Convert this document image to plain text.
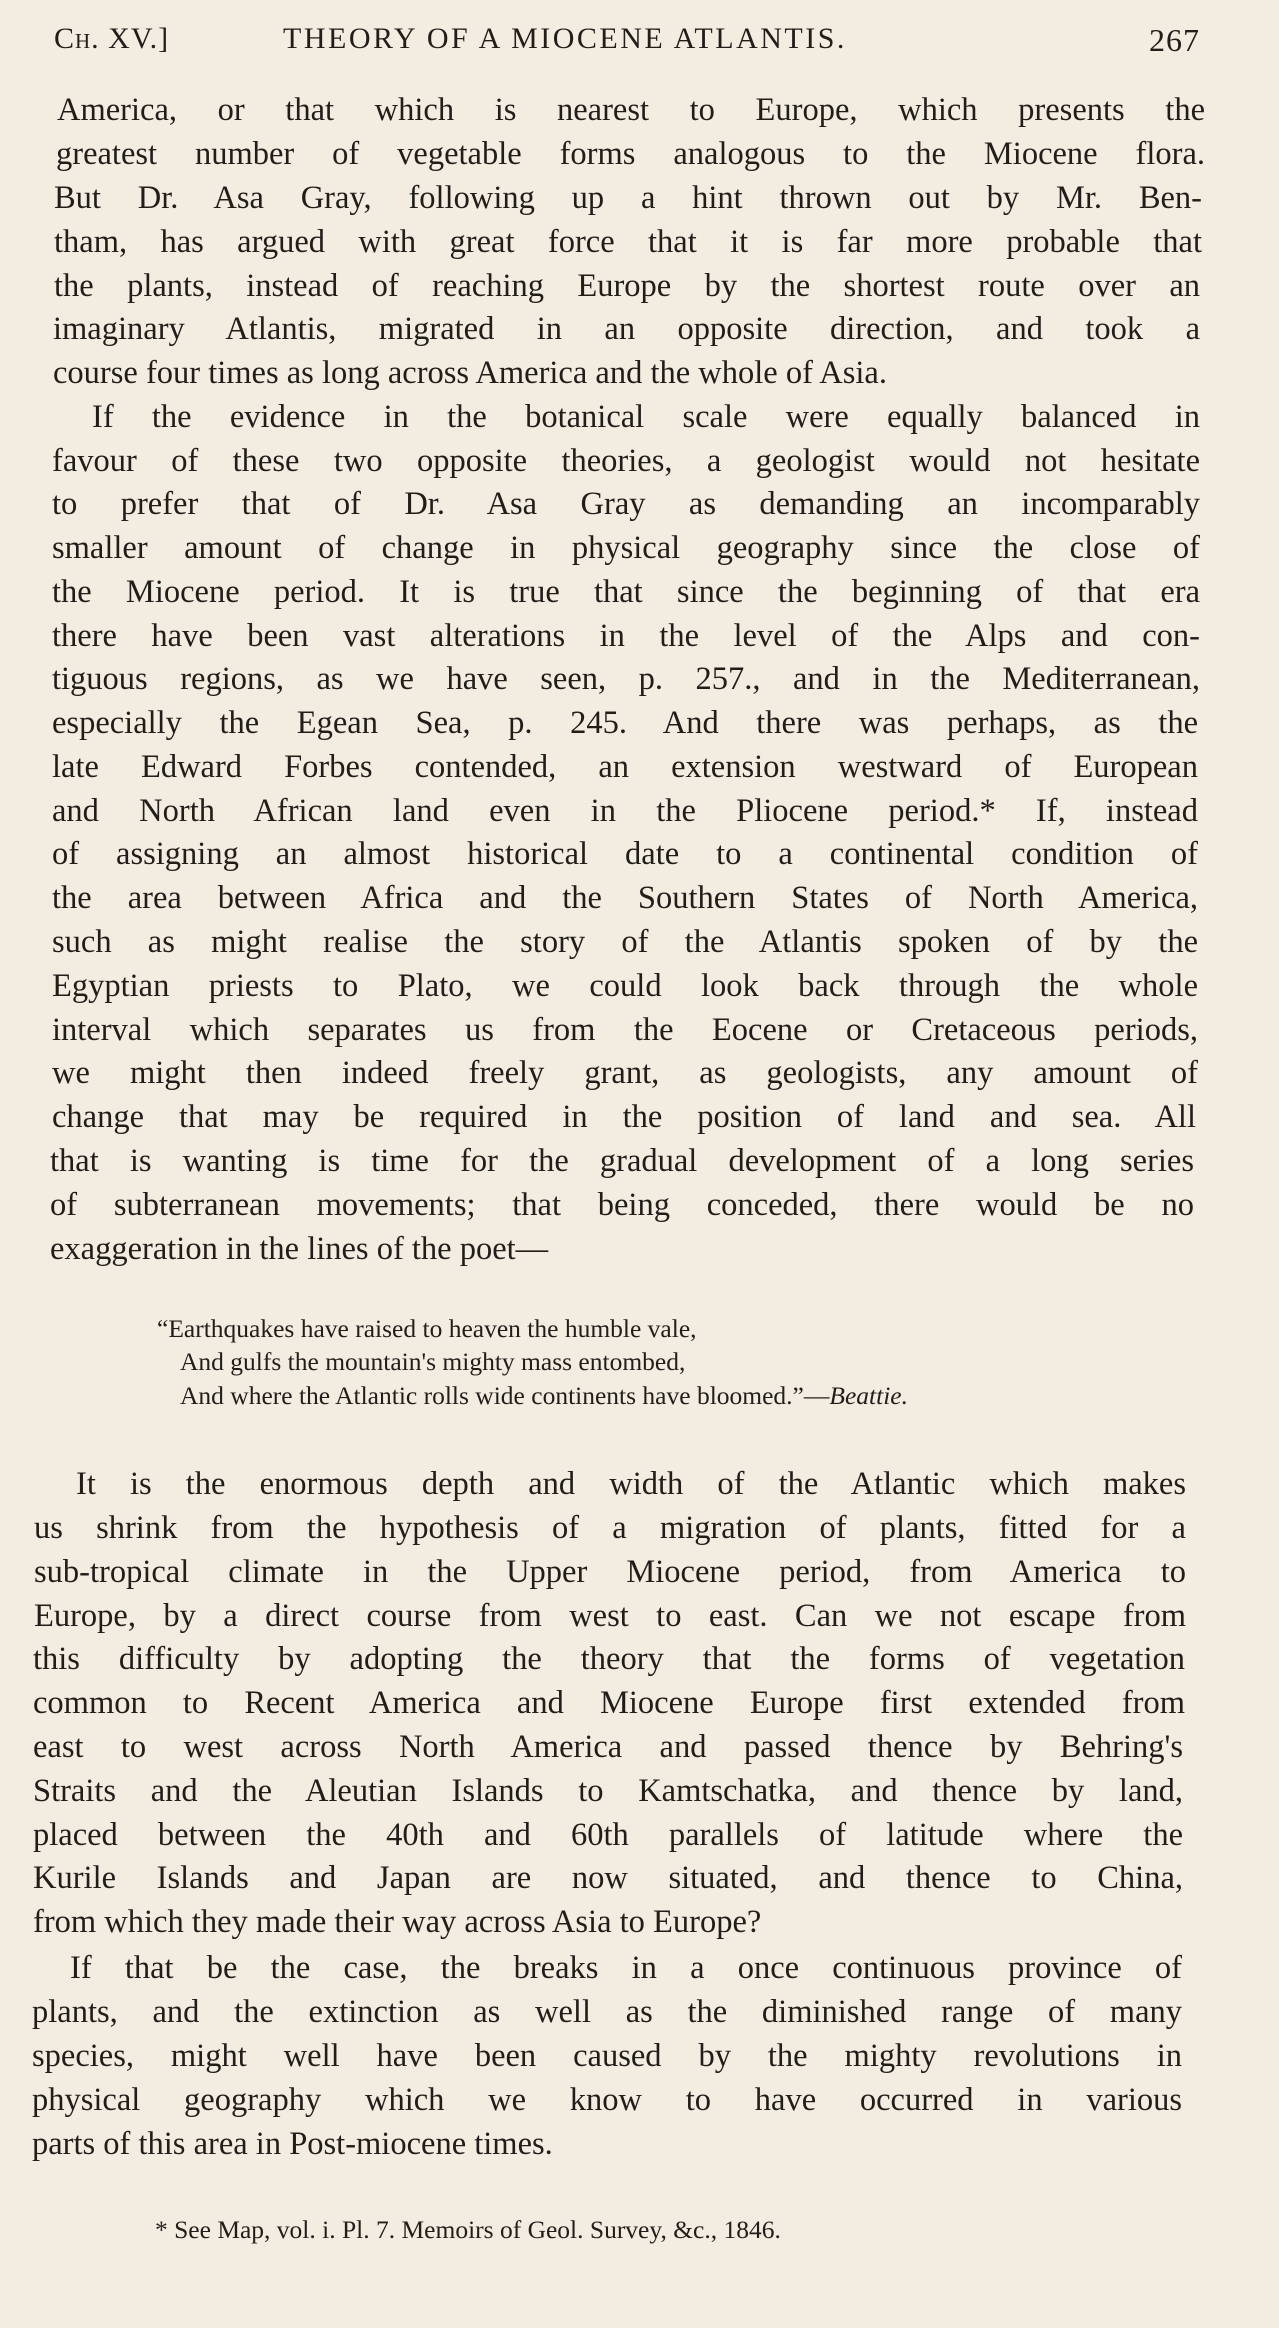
Ch. XV.]	THEORY OF A MIOCENE ATLANTIS.	267
America, or that which is nearest to Europe, which presents the
greatest number of vegetable forms analogous to the Miocene flora.
But Dr. Asa Gray, following up a hint thrown out by Mr. Ben-
tham, has argued with great force that it is far more probable that
the plants, instead of reaching Europe by the shortest route over an
imaginary Atlantis, migrated in an opposite direction, and took a
course four times as long across America and the whole of Asia.
If the evidence in the botanical scale were equally balanced in
favour of these two opposite theories, a geologist would not hesitate
to prefer that of Dr. Asa Gray as demanding an incomparably
smaller amount of change in physical geography since the close of
the Miocene period. It is true that since the beginning of that era
there have been vast alterations in the level of the Alps and con-
tiguous regions, as we have seen, p. 257., and in the Mediterranean,
especially the Egean Sea, p. 245. And there was perhaps, as the
late Edward Forbes contended, an extension westward of European
and North African land even in the Pliocene period.* If, instead
of assigning an almost historical date to a continental condition of
the area between Africa and the Southern States of North America,
such as might realise the story of the Atlantis spoken of by the
Egyptian priests to Plato, we could look back through the whole
interval which separates us from the Eocene or Cretaceous periods,
we might then indeed freely grant, as geologists, any amount of
change that may be required in the position of land and sea. All
that is wanting is time for the gradual development of a long series
of subterranean movements; that being conceded, there would be no
exaggeration in the lines of the poet—
“Earthquakes have raised to heaven the humble vale,
And gulfs the mountain's mighty mass entombed,
And where the Atlantic rolls wide continents have bloomed.”—Beattie.
It is the enormous depth and width of the Atlantic which makes
us shrink from the hypothesis of a migration of plants, fitted for a
sub-tropical climate in the Upper Miocene period, from America to
Europe, by a direct course from west to east. Can we not escape from
this difficulty by adopting the theory that the forms of vegetation
common to Recent America and Miocene Europe first extended from
east to west across North America and passed thence by Behring's
Straits and the Aleutian Islands to Kamtschatka, and thence by land,
placed between the 40th and 60th parallels of latitude where the
Kurile Islands and Japan are now situated, and thence to China,
from which they made their way across Asia to Europe?
If that be the case, the breaks in a once continuous province of
plants, and the extinction as well as the diminished range of many
species, might well have been caused by the mighty revolutions in
physical geography which we know to have occurred in various
parts of this area in Post-miocene times.
* See Map, vol. i. Pl. 7. Memoirs of Geol. Survey, &c., 1846.
